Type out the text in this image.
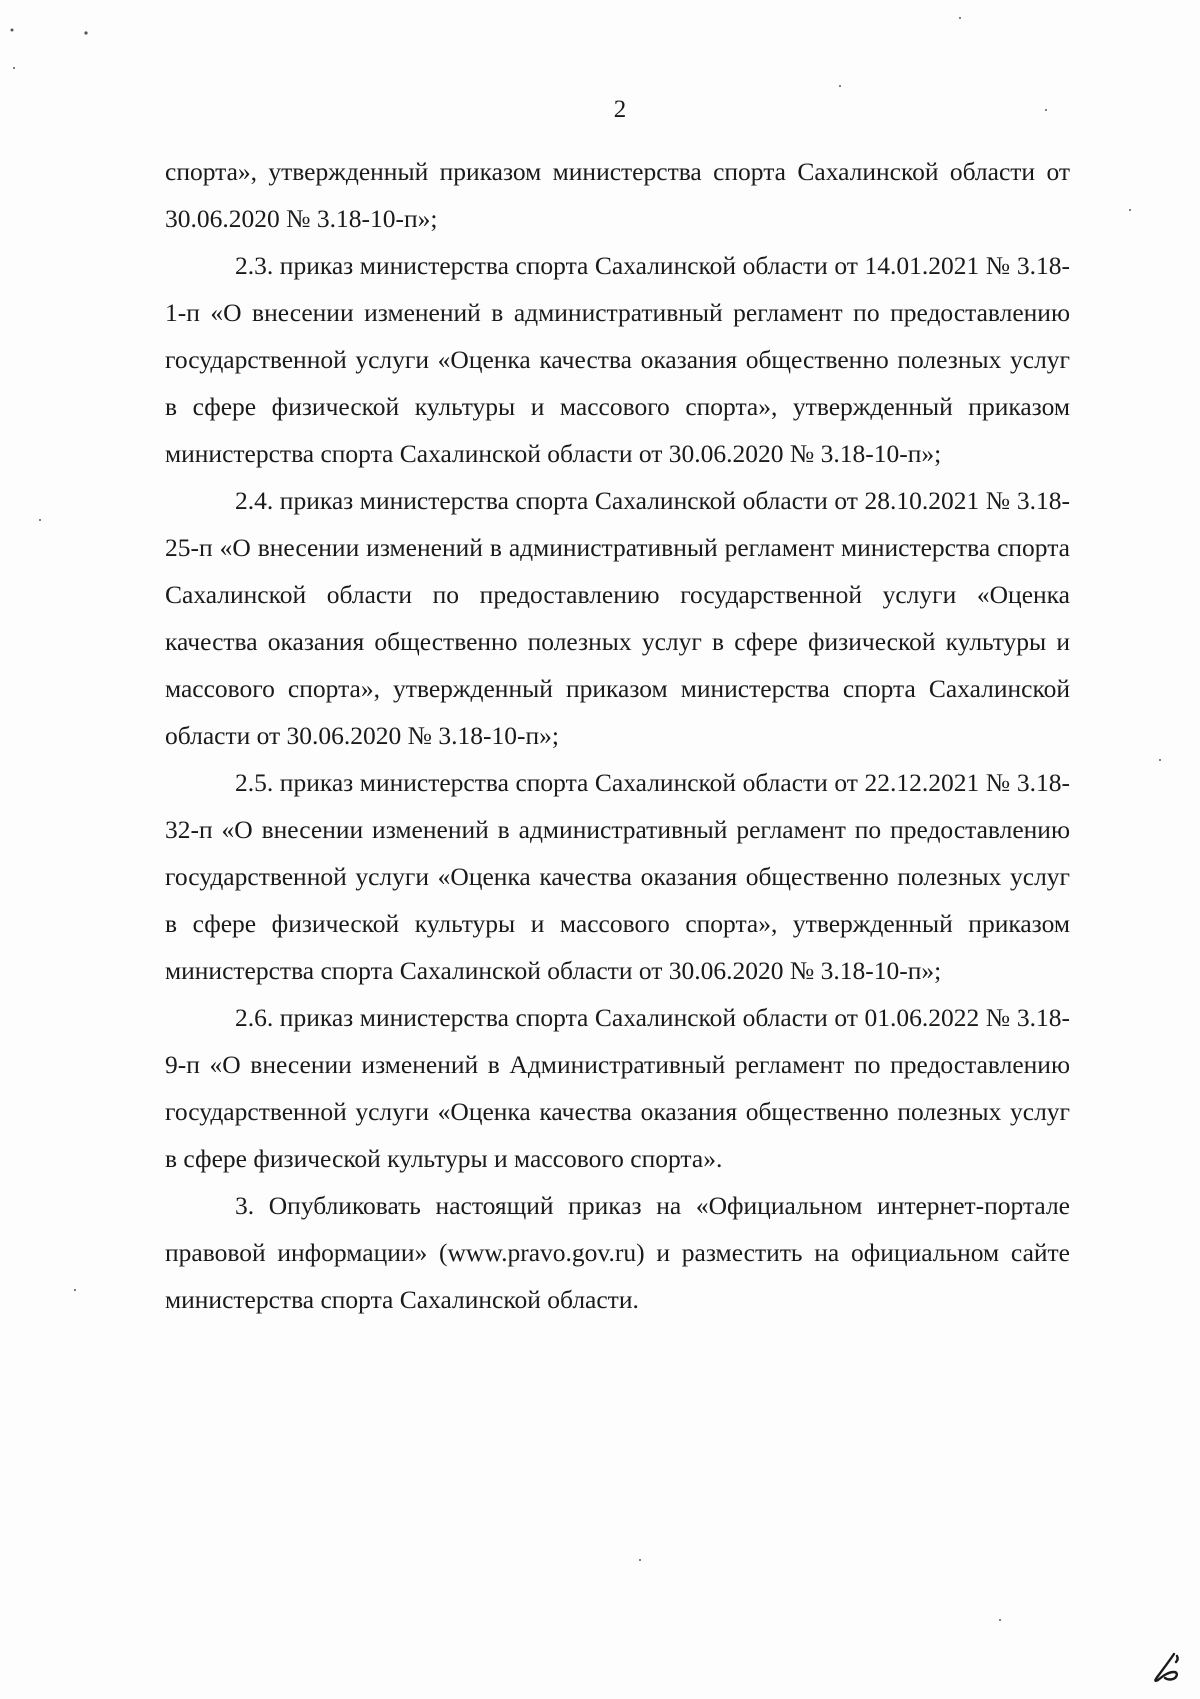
2

спорта», утвержденный приказом министерства спорта Сахалинской области от 30.06.2020 № 3.18-10-п»;

2.3. приказ министерства спорта Сахалинской области от 14.01.2021 № 3.18-1-п «О внесении изменений в административный регламент по предоставлению государственной услуги «Оценка качества оказания общественно полезных услуг в сфере физической культуры и массового спорта», утвержденный приказом министерства спорта Сахалинской области от 30.06.2020 № 3.18-10-п»;

2.4. приказ министерства спорта Сахалинской области от 28.10.2021 № 3.18-25-п «О внесении изменений в административный регламент министерства спорта Сахалинской области по предоставлению государственной услуги «Оценка качества оказания общественно полезных услуг в сфере физической культуры и массового спорта», утвержденный приказом министерства спорта Сахалинской области от 30.06.2020 № 3.18-10-п»;

2.5. приказ министерства спорта Сахалинской области от 22.12.2021 № 3.18-32-п «О внесении изменений в административный регламент по предоставлению государственной услуги «Оценка качества оказания общественно полезных услуг в сфере физической культуры и массового спорта», утвержденный приказом министерства спорта Сахалинской области от 30.06.2020 № 3.18-10-п»;

2.6. приказ министерства спорта Сахалинской области от 01.06.2022 № 3.18-9-п «О внесении изменений в Административный регламент по предоставлению государственной услуги «Оценка качества оказания общественно полезных услуг в сфере физической культуры и массового спорта».

3. Опубликовать настоящий приказ на «Официальном интернет-портале правовой информации» (www.pravo.gov.ru) и разместить на официальном сайте министерства спорта Сахалинской области.
